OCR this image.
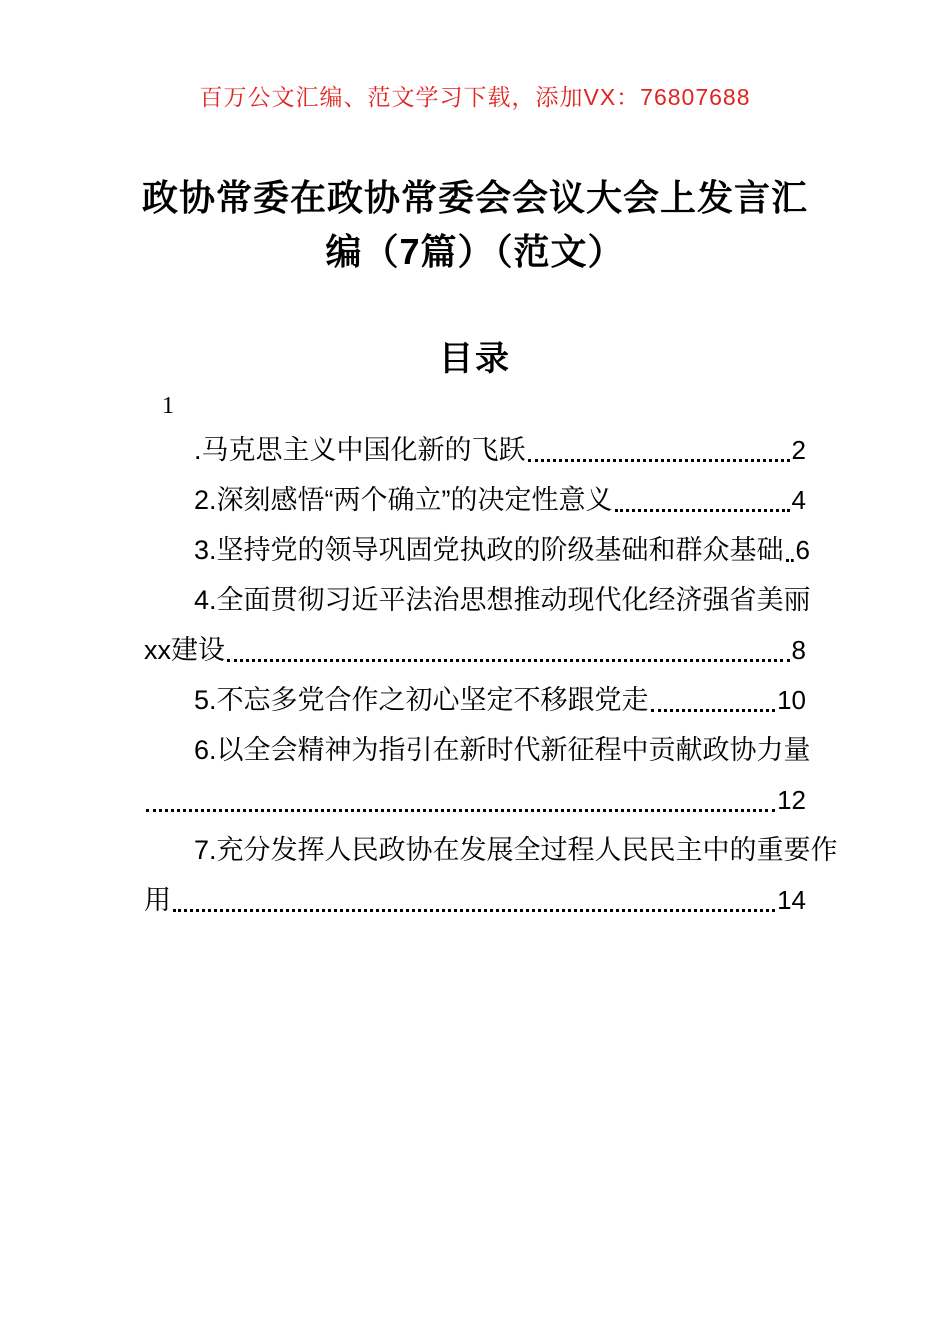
百万公文汇编、范文学习下载，添加VX：76807688
政协常委在政协常委会会议大会上发言汇
编（7篇）（范文）
目录
1
.马克思主义中国化新的飞跃	2
2.深刻感悟“两个确立”的决定性意义	4
3.坚持党的领导巩固党执政的阶级基础和群众基础 6
4.全面贯彻习近平法治思想推动现代化经济强省美丽
xx建设	8
5.不忘多党合作之初心坚定不移跟党走	10
6.以全会精神为指引在新时代新征程中贡献政协力量
12
7.充分发挥人民政协在发展全过程人民民主中的重要作
用	14
